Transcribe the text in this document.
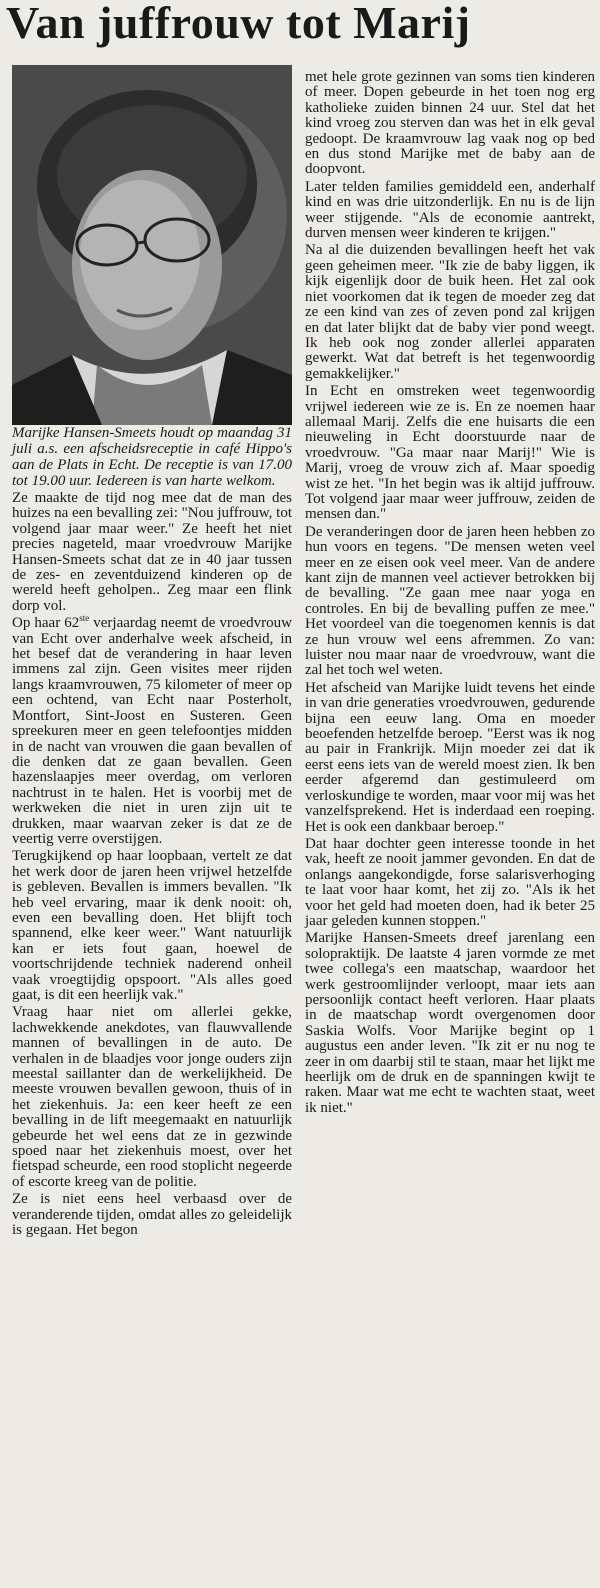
Van juffrouw tot Marij

Marijke Hansen-Smeets houdt op maandag 31 juli a.s. een afscheidsreceptie in café Hippo's aan de Plats in Echt. De receptie is van 17.00 tot 19.00 uur. Iedereen is van harte welkom.

Ze maakte de tijd nog mee dat de man des huizes na een bevalling zei: "Nou juffrouw, tot volgend jaar maar weer." Ze heeft het niet precies nageteld, maar vroedvrouw Marijke Hansen-Smeets schat dat ze in 40 jaar tussen de zes- en zeventduizend kinderen op de wereld heeft geholpen.. Zeg maar een flink dorp vol.

Op haar 62ste verjaardag neemt de vroedvrouw van Echt over anderhalve week afscheid, in het besef dat de verandering in haar leven immens zal zijn. Geen visites meer rijden langs kraamvrouwen, 75 kilometer of meer op een ochtend, van Echt naar Posterholt, Montfort, Sint-Joost en Susteren. Geen spreekuren meer en geen telefoontjes midden in de nacht van vrouwen die gaan bevallen of die denken dat ze gaan bevallen. Geen hazenslaapjes meer overdag, om verloren nachtrust in te halen. Het is voorbij met de werkweken die niet in uren zijn uit te drukken, maar waarvan zeker is dat ze de veertig verre overstijgen.

Terugkijkend op haar loopbaan, vertelt ze dat het werk door de jaren heen vrijwel hetzelfde is gebleven. Bevallen is immers bevallen. "Ik heb veel ervaring, maar ik denk nooit: oh, even een bevalling doen. Het blijft toch spannend, elke keer weer." Want natuurlijk kan er iets fout gaan, hoewel de voortschrijdende techniek naderend onheil vaak vroegtijdig opspoort. "Als alles goed gaat, is dit een heerlijk vak."

Vraag haar niet om allerlei gekke, lachwekkende anekdotes, van flauwvallende mannen of bevallingen in de auto. De verhalen in de blaadjes voor jonge ouders zijn meestal saillanter dan de werkelijkheid. De meeste vrouwen bevallen gewoon, thuis of in het ziekenhuis. Ja: een keer heeft ze een bevalling in de lift meegemaakt en natuurlijk gebeurde het wel eens dat ze in gezwinde spoed naar het ziekenhuis moest, over het fietspad scheurde, een rood stoplicht negeerde of escorte kreeg van de politie.

Ze is niet eens heel verbaasd over de veranderende tijden, omdat alles zo geleidelijk is gegaan. Het begon

met hele grote gezinnen van soms tien kinderen of meer. Dopen gebeurde in het toen nog erg katholieke zuiden binnen 24 uur. Stel dat het kind vroeg zou sterven dan was het in elk geval gedoopt. De kraamvrouw lag vaak nog op bed en dus stond Marijke met de baby aan de doopvont.

Later telden families gemiddeld een, anderhalf kind en was drie uitzonderlijk. En nu is de lijn weer stijgende. "Als de economie aantrekt, durven mensen weer kinderen te krijgen."

Na al die duizenden bevallingen heeft het vak geen geheimen meer. "Ik zie de baby liggen, ik kijk eigenlijk door de buik heen. Het zal ook niet voorkomen dat ik tegen de moeder zeg dat ze een kind van zes of zeven pond zal krijgen en dat later blijkt dat de baby vier pond weegt. Ik heb ook nog zonder allerlei apparaten gewerkt. Wat dat betreft is het tegenwoordig gemakkelijker."

In Echt en omstreken weet tegenwoordig vrijwel iedereen wie ze is. En ze noemen haar allemaal Marij. Zelfs die ene huisarts die een nieuweling in Echt doorstuurde naar de vroedvrouw. "Ga maar naar Marij!" Wie is Marij, vroeg de vrouw zich af. Maar spoedig wist ze het. "In het begin was ik altijd juffrouw. Tot volgend jaar maar weer juffrouw, zeiden de mensen dan."

De veranderingen door de jaren heen hebben zo hun voors en tegens. "De mensen weten veel meer en ze eisen ook veel meer. Van de andere kant zijn de mannen veel actiever betrokken bij de bevalling. "Ze gaan mee naar yoga en controles. En bij de bevalling puffen ze mee." Het voordeel van die toegenomen kennis is dat ze hun vrouw wel eens afremmen. Zo van: luister nou maar naar de vroedvrouw, want die zal het toch wel weten.

Het afscheid van Marijke luidt tevens het einde in van drie generaties vroedvrouwen, gedurende bijna een eeuw lang. Oma en moeder beoefenden hetzelfde beroep. "Eerst was ik nog au pair in Frankrijk. Mijn moeder zei dat ik eerst eens iets van de wereld moest zien. Ik ben eerder afgeremd dan gestimuleerd om verloskundige te worden, maar voor mij was het vanzelfsprekend. Het is inderdaad een roeping. Het is ook een dankbaar beroep."

Dat haar dochter geen interesse toonde in het vak, heeft ze nooit jammer gevonden. En dat de onlangs aangekondigde, forse salarisverhoging te laat voor haar komt, het zij zo. "Als ik het voor het geld had moeten doen, had ik beter 25 jaar geleden kunnen stoppen."

Marijke Hansen-Smeets dreef jarenlang een solopraktijk. De laatste 4 jaren vormde ze met twee collega's een maatschap, waardoor het werk gestroomlijnder verloopt, maar iets aan persoonlijk contact heeft verloren. Haar plaats in de maatschap wordt overgenomen door Saskia Wolfs. Voor Marijke begint op 1 augustus een ander leven. "Ik zit er nu nog te zeer in om daarbij stil te staan, maar het lijkt me heerlijk om de druk en de spanningen kwijt te raken. Maar wat me echt te wachten staat, weet ik niet."
